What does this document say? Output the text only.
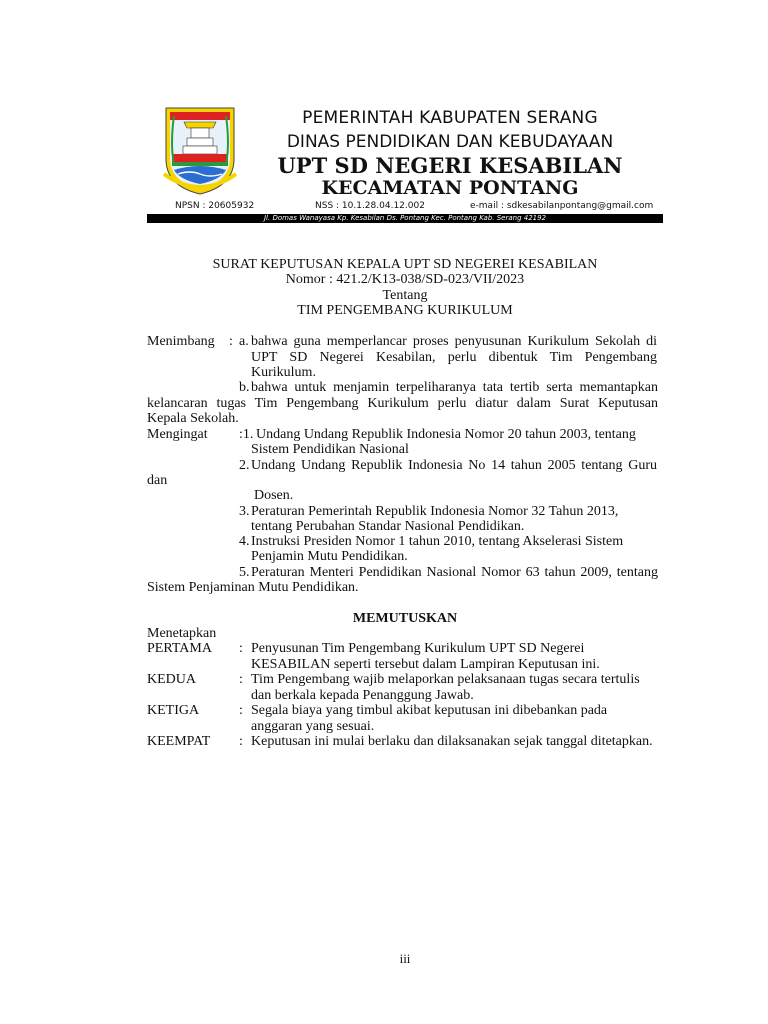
PEMERINTAH KABUPATEN SERANG
DINAS PENDIDIKAN DAN KEBUDAYAAN
UPT SD NEGERI KESABILAN
KECAMATAN PONTANG
NPSN : 20605932	NSS : 10.1.28.04.12.002	e-mail : sdkesabilanpontang@gmail.com
Jl. Domas Wanayasa Kp. Kesabilan Ds. Pontang Kec. Pontang Kab. Serang 42192
SURAT KEPUTUSAN KEPALA UPT SD NEGEREI KESABILAN
Nomor : 421.2/K13-038/SD-023/VII/2023
Tentang
TIM PENGEMBANG KURIKULUM
Menimbang : a. bahwa guna memperlancar proses penyusunan Kurikulum Sekolah di
UPT SD Negerei Kesabilan, perlu dibentuk Tim Pengembang
Kurikulum.
b. bahwa untuk menjamin terpeliharanya tata tertib serta memantapkan
kelancaran tugas Tim Pengembang Kurikulum perlu diatur dalam Surat Keputusan
Kepala Sekolah.
Mengingat :1. Undang Undang Republik Indonesia Nomor 20 tahun 2003, tentang
Sistem Pendidikan Nasional
2. Undang Undang Republik Indonesia No 14 tahun 2005 tentang Guru
dan
Dosen.
3. Peraturan Pemerintah Republik Indonesia Nomor 32 Tahun 2013,
tentang Perubahan Standar Nasional Pendidikan.
4. Instruksi Presiden Nomor 1 tahun 2010, tentang Akselerasi Sistem
Penjamin Mutu Pendidikan.
5. Peraturan Menteri Pendidikan Nasional Nomor 63 tahun 2009, tentang
Sistem Penjaminan Mutu Pendidikan.
MEMUTUSKAN
Menetapkan
PERTAMA : Penyusunan Tim Pengembang Kurikulum UPT SD Negerei
KESABILAN seperti tersebut dalam Lampiran Keputusan ini.
KEDUA	: Tim Pengembang wajib melaporkan pelaksanaan tugas secara tertulis
dan berkala kepada Penanggung Jawab.
KETIGA	: Segala biaya yang timbul akibat keputusan ini dibebankan pada
anggaran yang sesuai.
KEEMPAT : Keputusan ini mulai berlaku dan dilaksanakan sejak tanggal ditetapkan.
iii
